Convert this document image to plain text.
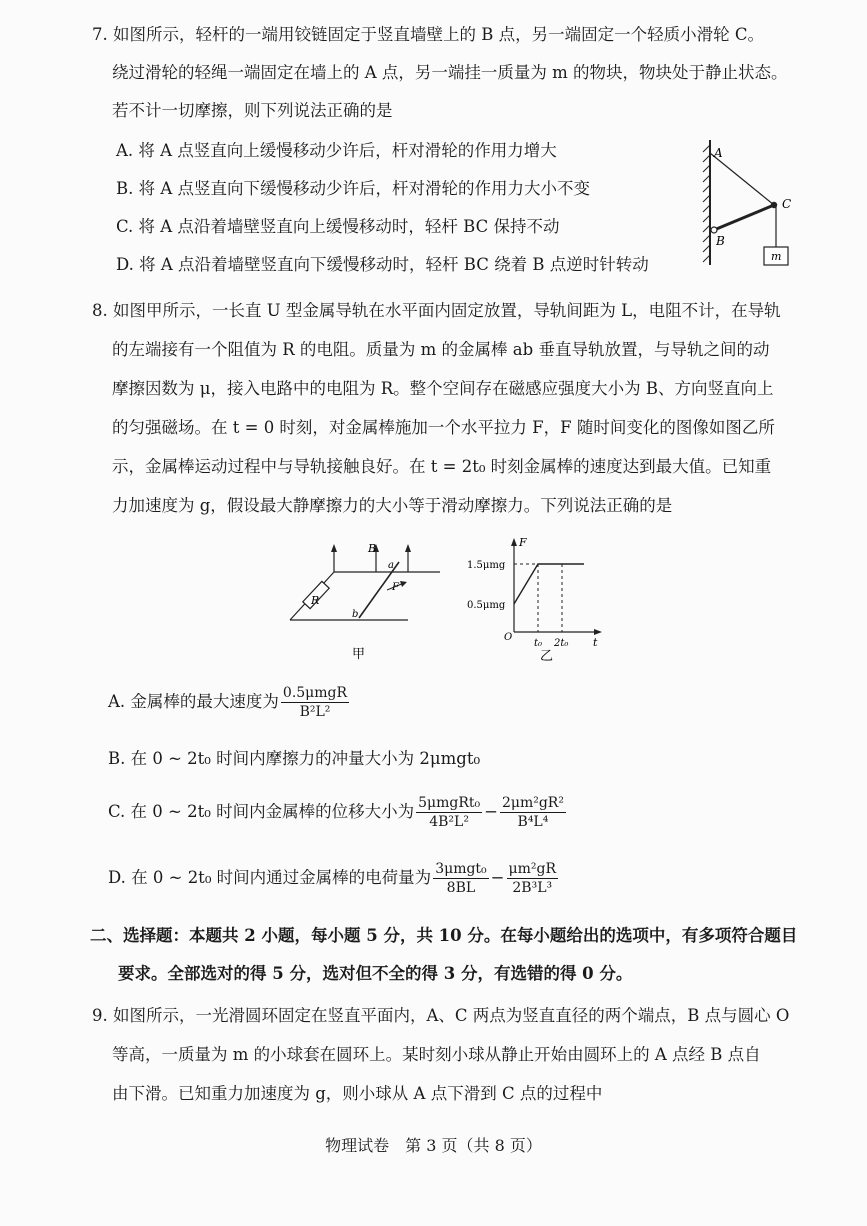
7. 如图所示，轻杆的一端用铰链固定于竖直墙壁上的 B 点，另一端固定一个轻质小滑轮 C。
绕过滑轮的轻绳一端固定在墙上的 A 点，另一端挂一质量为 m 的物块，物块处于静止状态。
若不计一切摩擦，则下列说法正确的是
A. 将 A 点竖直向上缓慢移动少许后，杆对滑轮的作用力增大
B. 将 A 点竖直向下缓慢移动少许后，杆对滑轮的作用力大小不变
C. 将 A 点沿着墙壁竖直向上缓慢移动时，轻杆 BC 保持不动
D. 将 A 点沿着墙壁竖直向下缓慢移动时，轻杆 BC 绕着 B 点逆时针转动
A
B
C
m
8. 如图甲所示，一长直 U 型金属导轨在水平面内固定放置，导轨间距为 L，电阻不计，在导轨
的左端接有一个阻值为 R 的电阻。质量为 m 的金属棒 ab 垂直导轨放置，与导轨之间的动
摩擦因数为 μ，接入电路中的电阻为 R。整个空间存在磁感应强度大小为 B、方向竖直向上
的匀强磁场。在 t = 0 时刻，对金属棒施加一个水平拉力 F，F 随时间变化的图像如图乙所
示，金属棒运动过程中与导轨接触良好。在 t = 2t₀ 时刻金属棒的速度达到最大值。已知重
力加速度为 g，假设最大静摩擦力的大小等于滑动摩擦力。下列说法正确的是
R
B
a
b
F
甲
F
t
O
1.5μmg
0.5μmg
t₀ 2t₀
乙
A. 金属棒的最大速度为 $\frac{\text{0.5μmgR}}{\text{B²L²}}$
B. 在 0 ~ 2t₀ 时间内摩擦力的冲量大小为 2μmgt₀
C. 在 0 ~ 2t₀ 时间内金属棒的位移大小为 $\frac{\text{5μmgRt₀}}{\text{4B²L²}} - \frac{\text{2μm²gR²}}{\text{B⁴L⁴}}$
D. 在 0 ~ 2t₀ 时间内通过金属棒的电荷量为 $\frac{\text{3μmgt₀}}{8BL} - \frac{\text{μm²gR}}{\text{2B³L³}}$
二、选择题：本题共 2 小题，每小题 5 分，共 10 分。在每小题给出的选项中，有多项符合题目
要求。全部选对的得 5 分，选对但不全的得 3 分，有选错的得 0 分。
9. 如图所示，一光滑圆环固定在竖直平面内，A、C 两点为竖直直径的两个端点，B 点与圆心 O
等高，一质量为 m 的小球套在圆环上。某时刻小球从静止开始由圆环上的 A 点经 B 点自
由下滑。已知重力加速度为 g，则小球从 A 点下滑到 C 点的过程中
物理试卷　第 3 页（共 8 页）
